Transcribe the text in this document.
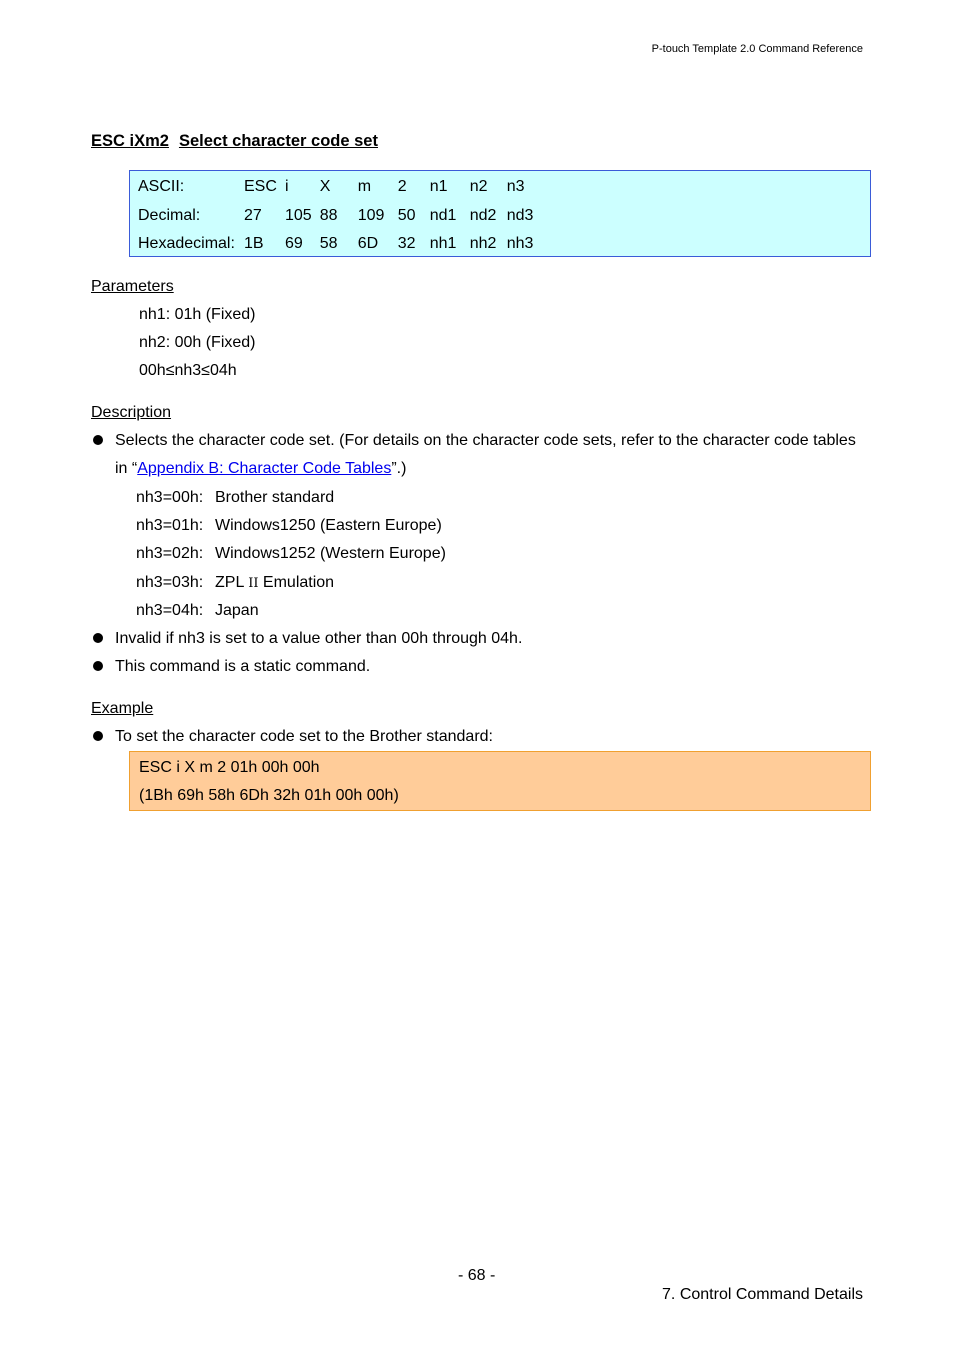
P-touch Template 2.0 Command Reference
ESC iXm2 Select character code set
ASCII:	ESC	i	X	m	2	n1	n2	n3
Decimal:	27	105	88	109	50	nd1	nd2	nd3
Hexadecimal:	1B	69	58	6D	32	nh1	nh2	nh3
Parameters
nh1: 01h (Fixed)
nh2: 00h (Fixed)
00h≤nh3≤04h
Description
Selects the character code set. (For details on the character code sets, refer to the character code tables
in “Appendix B: Character Code Tables”.)
nh3=00h: Brother standard
nh3=01h: Windows1250 (Eastern Europe)
nh3=02h: Windows1252 (Western Europe)
nh3=03h: ZPL II Emulation
nh3=04h: Japan
Invalid if nh3 is set to a value other than 00h through 04h.
This command is a static command.
Example
To set the character code set to the Brother standard:
ESC i X m 2 01h 00h 00h
(1Bh 69h 58h 6Dh 32h 01h 00h 00h)
- 68 -
7. Control Command Details
